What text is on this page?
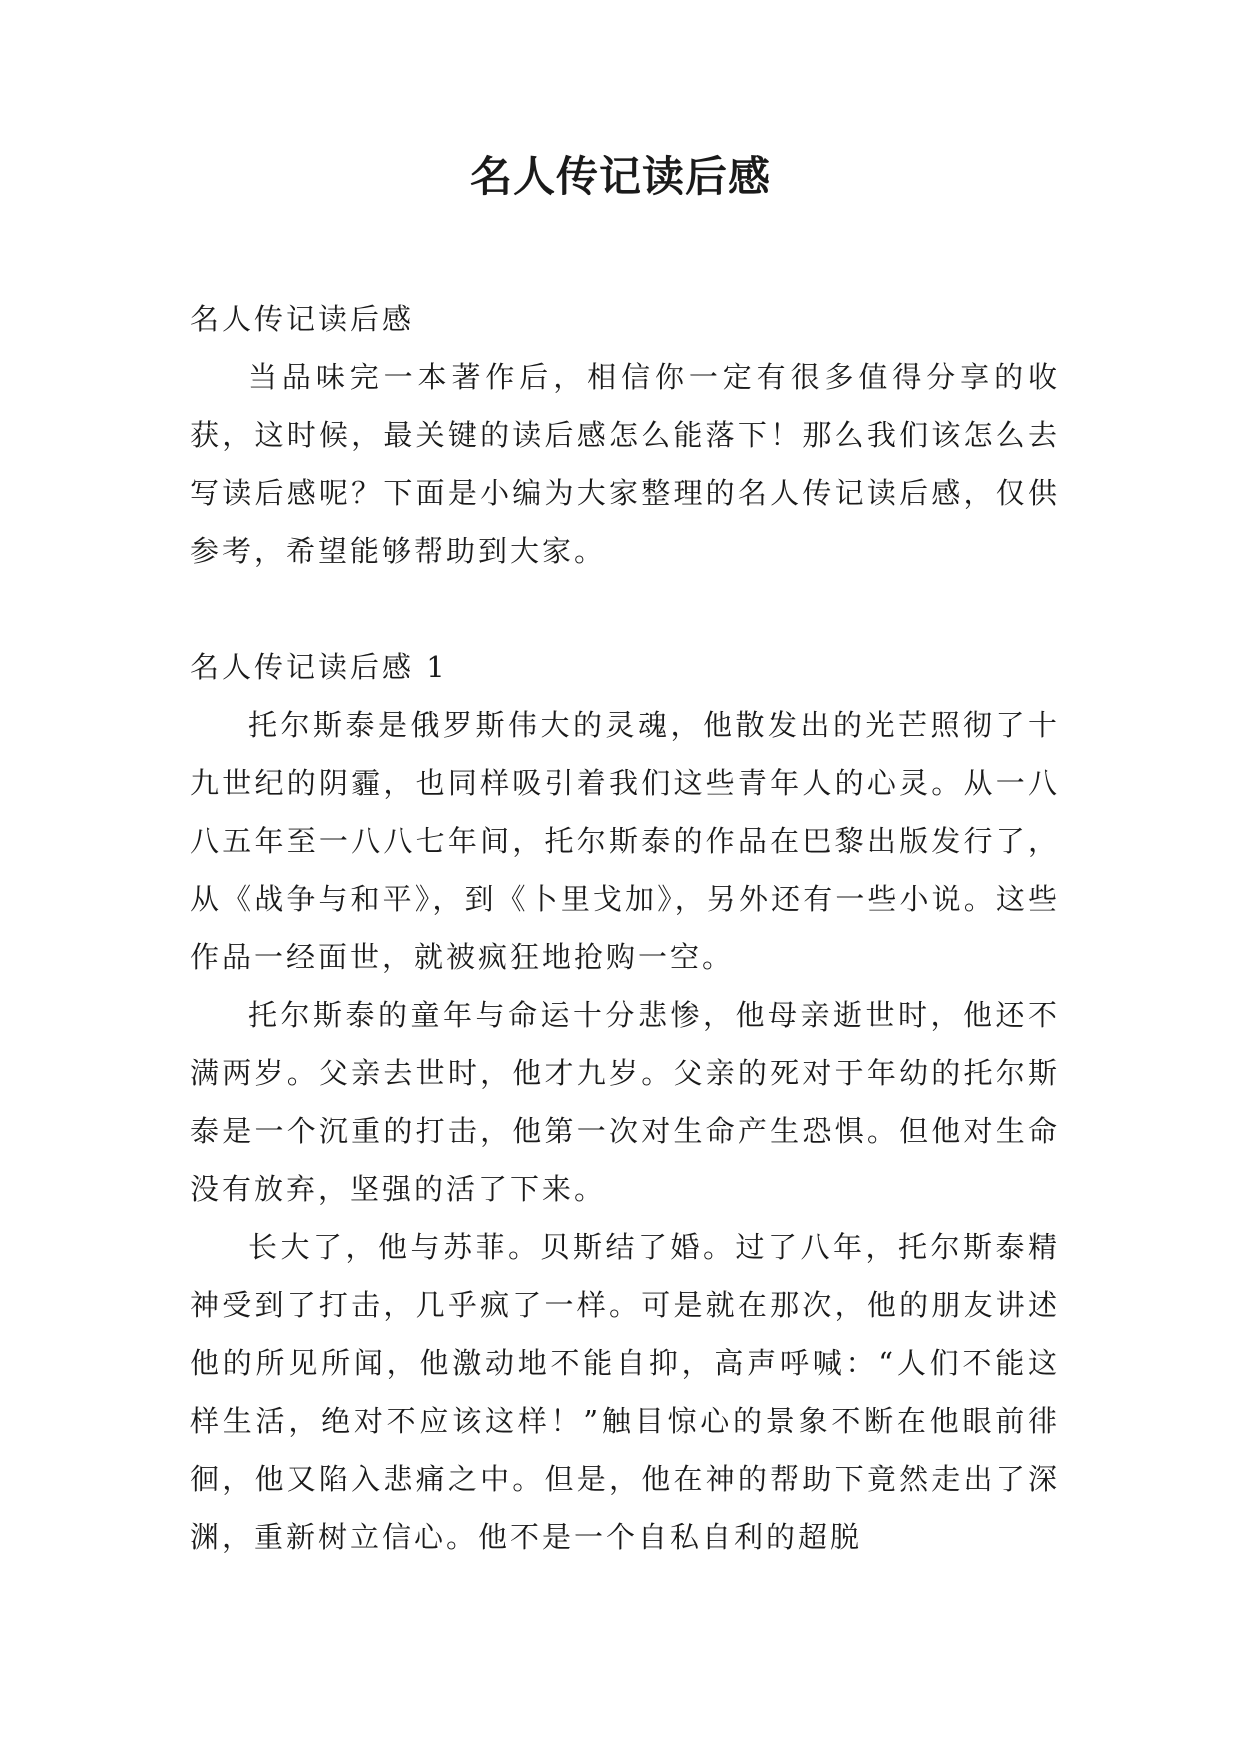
名人传记读后感

名人传记读后感

当品味完一本著作后，相信你一定有很多值得分享的收获，这时候，最关键的读后感怎么能落下！那么我们该怎么去写读后感呢？下面是小编为大家整理的名人传记读后感，仅供参考，希望能够帮助到大家。

名人传记读后感 1

托尔斯泰是俄罗斯伟大的灵魂，他散发出的光芒照彻了十九世纪的阴霾，也同样吸引着我们这些青年人的心灵。从一八八五年至一八八七年间，托尔斯泰的作品在巴黎出版发行了，从《战争与和平》，到《卜里戈加》，另外还有一些小说。这些作品一经面世，就被疯狂地抢购一空。

托尔斯泰的童年与命运十分悲惨，他母亲逝世时，他还不满两岁。父亲去世时，他才九岁。父亲的死对于年幼的托尔斯泰是一个沉重的打击，他第一次对生命产生恐惧。但他对生命没有放弃，坚强的活了下来。

长大了，他与苏菲。贝斯结了婚。过了八年，托尔斯泰精神受到了打击，几乎疯了一样。可是就在那次，他的朋友讲述他的所见所闻，他激动地不能自抑，高声呼喊：“人们不能这样生活，绝对不应该这样！”触目惊心的景象不断在他眼前徘徊，他又陷入悲痛之中。但是，他在神的帮助下竟然走出了深渊，重新树立信心。他不是一个自私自利的超脱
